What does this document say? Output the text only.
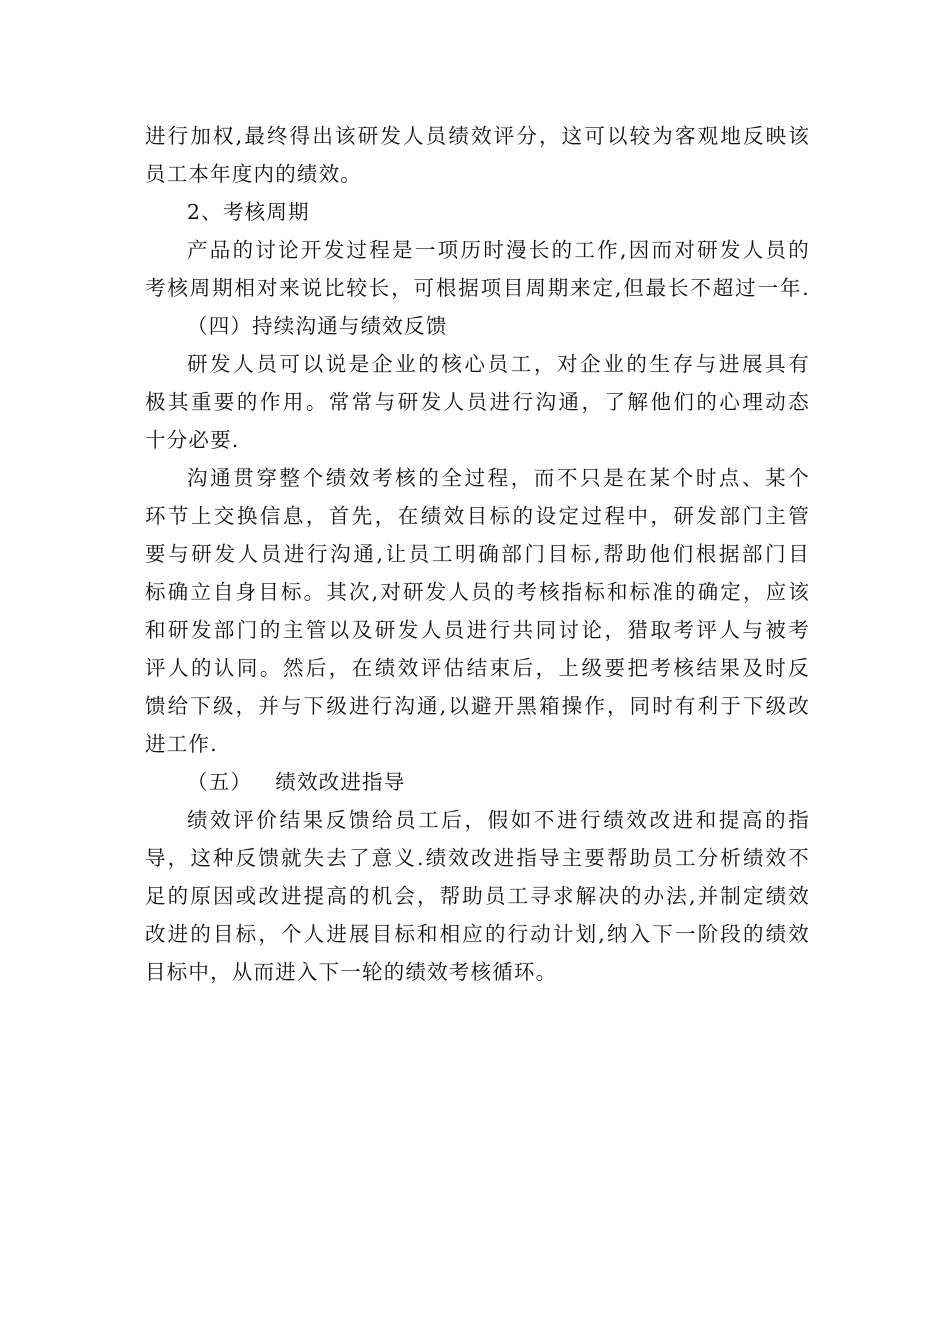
进行加权,最终得出该研发人员绩效评分，这可以较为客观地反映该
员工本年度内的绩效。
2、考核周期
产品的讨论开发过程是一项历时漫长的工作,因而对研发人员的
考核周期相对来说比较长，可根据项目周期来定,但最长不超过一年.
（四）持续沟通与绩效反馈
研发人员可以说是企业的核心员工，对企业的生存与进展具有
极其重要的作用。常常与研发人员进行沟通，了解他们的心理动态
十分必要.
沟通贯穿整个绩效考核的全过程，而不只是在某个时点、某个
环节上交换信息，首先，在绩效目标的设定过程中，研发部门主管
要与研发人员进行沟通,让员工明确部门目标,帮助他们根据部门目
标确立自身目标。其次,对研发人员的考核指标和标准的确定，应该
和研发部门的主管以及研发人员进行共同讨论，猎取考评人与被考
评人的认同。然后，在绩效评估结束后，上级要把考核结果及时反
馈给下级，并与下级进行沟通,以避开黑箱操作，同时有利于下级改
进工作.
（五）   绩效改进指导
绩效评价结果反馈给员工后，假如不进行绩效改进和提高的指
导，这种反馈就失去了意义.绩效改进指导主要帮助员工分析绩效不
足的原因或改进提高的机会，帮助员工寻求解决的办法,并制定绩效
改进的目标，个人进展目标和相应的行动计划,纳入下一阶段的绩效
目标中，从而进入下一轮的绩效考核循环。
